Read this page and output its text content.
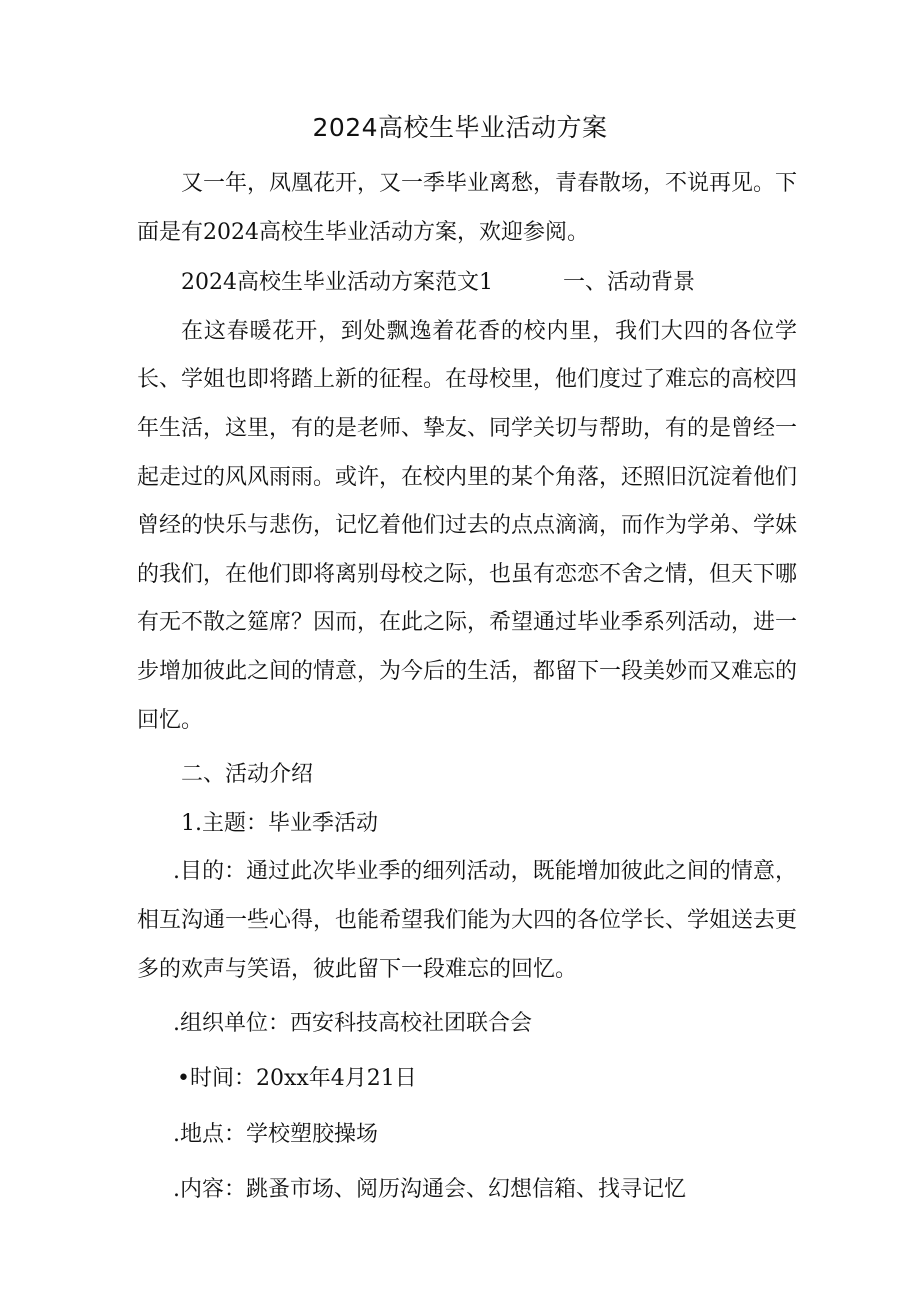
2024高校生毕业活动方案

又一年，凤凰花开，又一季毕业离愁，青春散场，不说再见。下面是有2024高校生毕业活动方案，欢迎参阅。

2024高校生毕业活动方案范文1	一、活动背景

在这春暖花开，到处飘逸着花香的校内里，我们大四的各位学长、学姐也即将踏上新的征程。在母校里，他们度过了难忘的高校四年生活，这里，有的是老师、挚友、同学关切与帮助，有的是曾经一起走过的风风雨雨。或许，在校内里的某个角落，还照旧沉淀着他们曾经的快乐与悲伤，记忆着他们过去的点点滴滴，而作为学弟、学妹的我们，在他们即将离别母校之际，也虽有恋恋不舍之情，但天下哪有无不散之筵席？因而，在此之际，希望通过毕业季系列活动，进一步增加彼此之间的情意，为今后的生活，都留下一段美妙而又难忘的回忆。

二、活动介绍

1.主题：毕业季活动

.目的：通过此次毕业季的细列活动，既能增加彼此之间的情意，相互沟通一些心得，也能希望我们能为大四的各位学长、学姐送去更多的欢声与笑语，彼此留下一段难忘的回忆。

.组织单位：西安科技高校社团联合会

•时间：20xx年4月21日

.地点：学校塑胶操场

.内容：跳蚤市场、阅历沟通会、幻想信箱、找寻记忆
